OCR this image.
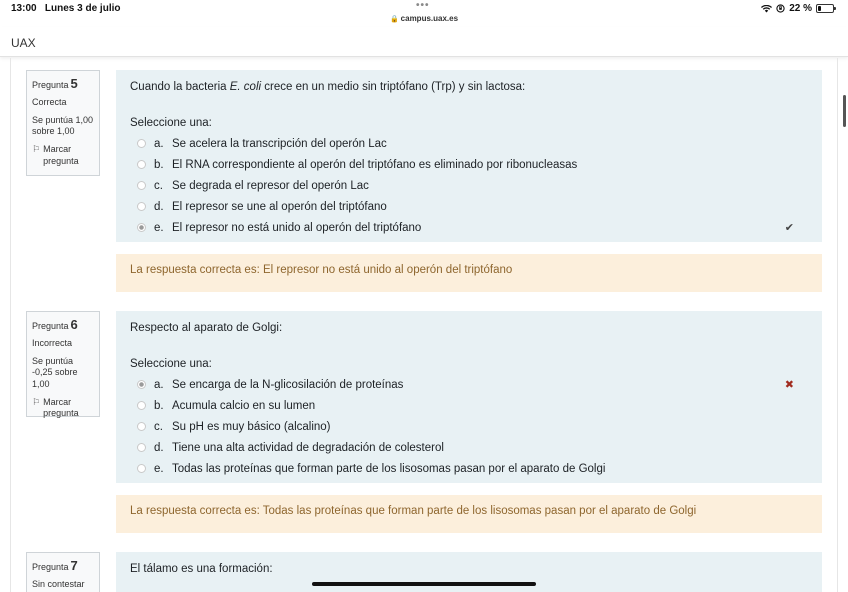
13:00 Lunes 3 de julio	•••	22 %
🔒 campus.uax.es
UAX
Pregunta 5
Correcta
Se puntúa 1,00 sobre 1,00
⚐ Marcar pregunta
Cuando la bacteria E. coli crece en un medio sin triptófano (Trp) y sin lactosa:
Seleccione una:
a. Se acelera la transcripción del operón Lac
b. El RNA correspondiente al operón del triptófano es eliminado por ribonucleasas
c. Se degrada el represor del operón Lac
d. El represor se une al operón del triptófano
e. El represor no está unido al operón del triptófano	✔
La respuesta correcta es: El represor no está unido al operón del triptófano
Pregunta 6
Incorrecta
Se puntúa -0,25 sobre 1,00
⚐ Marcar pregunta
Respecto al aparato de Golgi:
Seleccione una:
a. Se encarga de la N-glicosilación de proteínas	✖
b. Acumula calcio en su lumen
c. Su pH es muy básico (alcalino)
d. Tiene una alta actividad de degradación de colesterol
e. Todas las proteínas que forman parte de los lisosomas pasan por el aparato de Golgi
La respuesta correcta es: Todas las proteínas que forman parte de los lisosomas pasan por el aparato de Golgi
Pregunta 7
Sin contestar
El tálamo es una formación:
